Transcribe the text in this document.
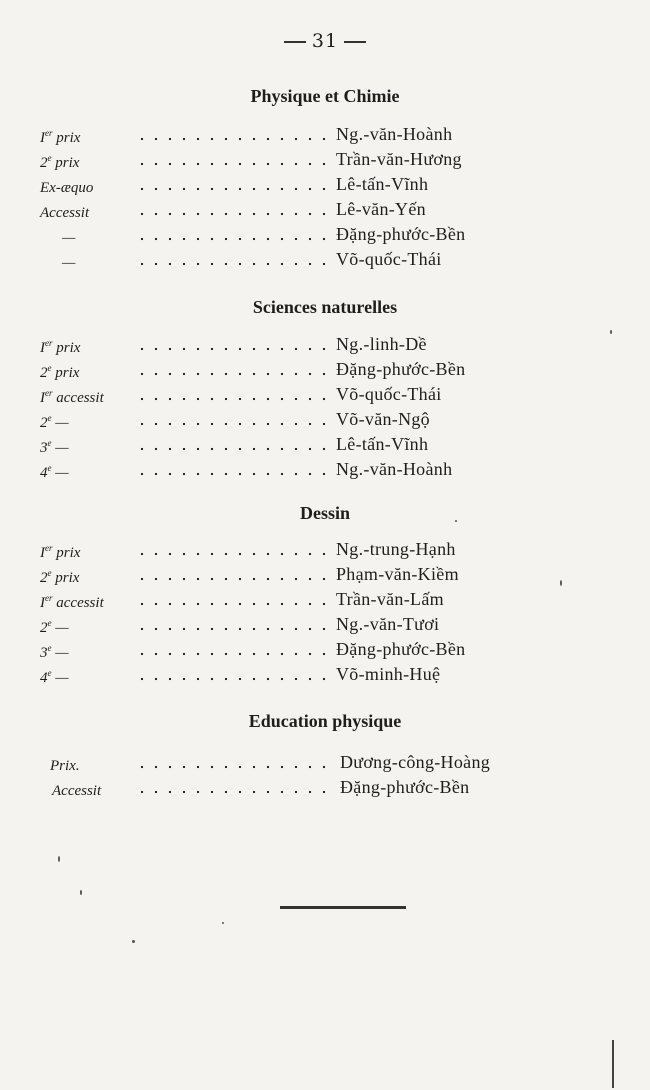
31
Physique et Chimie
Ier prix	Ng.-văn-Hoành
2e prix	Trần-văn-Hương
Ex-æquo	Lê-tấn-Vĩnh
Accessit	Lê-văn-Yến
—	Đặng-phước-Bền
—	Võ-quốc-Thái
Sciences naturelles
Ier prix	Ng.-linh-Dề
2e prix	Đặng-phước-Bền
Ier accessit	Võ-quốc-Thái
2e —	Võ-văn-Ngộ
3e —	Lê-tấn-Vĩnh
4e —	Ng.-văn-Hoành
Dessin
Ier prix	Ng.-trung-Hạnh
2e prix	Phạm-văn-Kiềm
Ier accessit	Trần-văn-Lấm
2e —	Ng.-văn-Tươi
3e —	Đặng-phước-Bền
4e —	Võ-minh-Huệ
Education physique
Prix.	Dương-công-Hoàng
Accessit	Đặng-phước-Bền
